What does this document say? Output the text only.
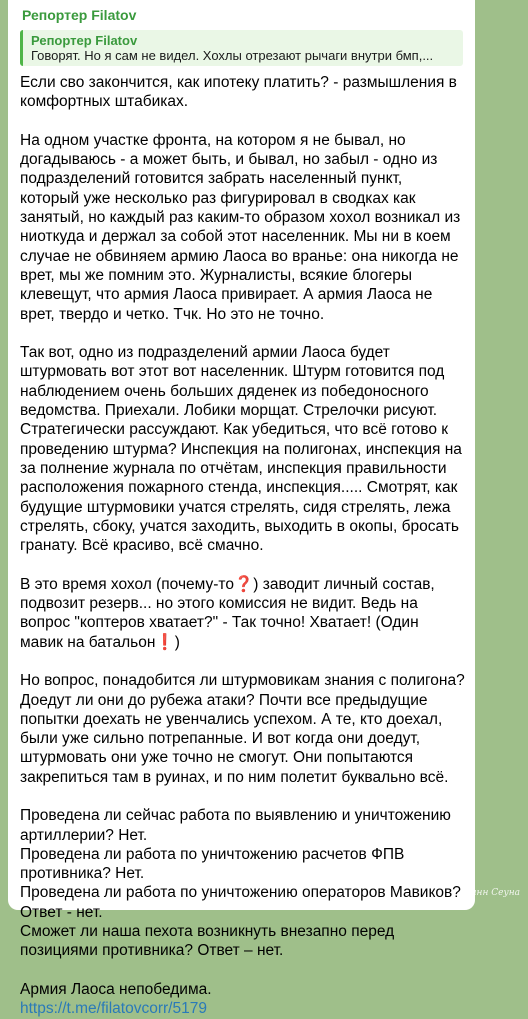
Репортер Filatov
Репортер Filatov
Говорят. Но я сам не видел. Хохлы отрезают рычаги внутри бмп,...

Если сво закончится, как ипотеку платить? - размышления в комфортных штабиках.

На одном участке фронта, на котором я не бывал, но догадываюсь - а может быть, и бывал, но забыл - одно из подразделений готовится забрать населенный пункт, который уже несколько раз фигурировал в сводках как занятый, но каждый раз каким-то образом хохол возникал из ниоткуда и держал за собой этот населенник. Мы ни в коем случае не обвиняем армию Лаоса во вранье: она никогда не врет, мы же помним это. Журналисты, всякие блогеры клевещут, что армия Лаоса привирает. А армия Лаоса не врет, твердо и четко. Тчк. Но это не точно.

Так вот, одно из подразделений армии Лаоса будет штурмовать вот этот вот населенник. Штурм готовится под наблюдением очень больших дяденек из победоносного ведомства. Приехали. Лобики морщат. Стрелочки рисуют. Стратегически рассуждают. Как убедиться, что всё готово к проведению штурма? Инспекция на полигонах, инспекция на за полнение журнала по отчётам, инспекция правильности расположения пожарного стенда, инспекция..... Смотрят, как будущие штурмовики учатся стрелять, сидя стрелять, лежа стрелять, сбоку, учатся заходить, выходить в окопы, бросать гранату. Всё красиво, всё смачно.

В это время хохол (почему-то❓) заводит личный состав, подвозит резерв... но этого комиссия не видит. Ведь на вопрос "коптеров хватает?" - Так точно! Хватает! (Один мавик на батальон❗)

Но вопрос, понадобится ли штурмовикам знания с полигона? Доедут ли они до рубежа атаки? Почти все предыдущие попытки доехать не увенчались успехом. А те, кто доехал, были уже сильно потрепанные. И вот когда они доедут, штурмовать они уже точно не смогут. Они попытаются закрепиться там в руинах, и по ним полетит буквально всё.

Проведена ли сейчас работа по выявлению и уничтожению артиллерии? Нет.
Проведена ли работа по уничтожению расчетов ФПВ противника? Нет.
Проведена ли работа по уничтожению операторов Мавиков? Ответ - нет.
Сможет ли наша пехота возникнуть внезапно перед позициями противника? Ответ – нет.

Армия Лаоса непобедима.
https://t.me/filatovcorr/5179

Хинн Сеуна
